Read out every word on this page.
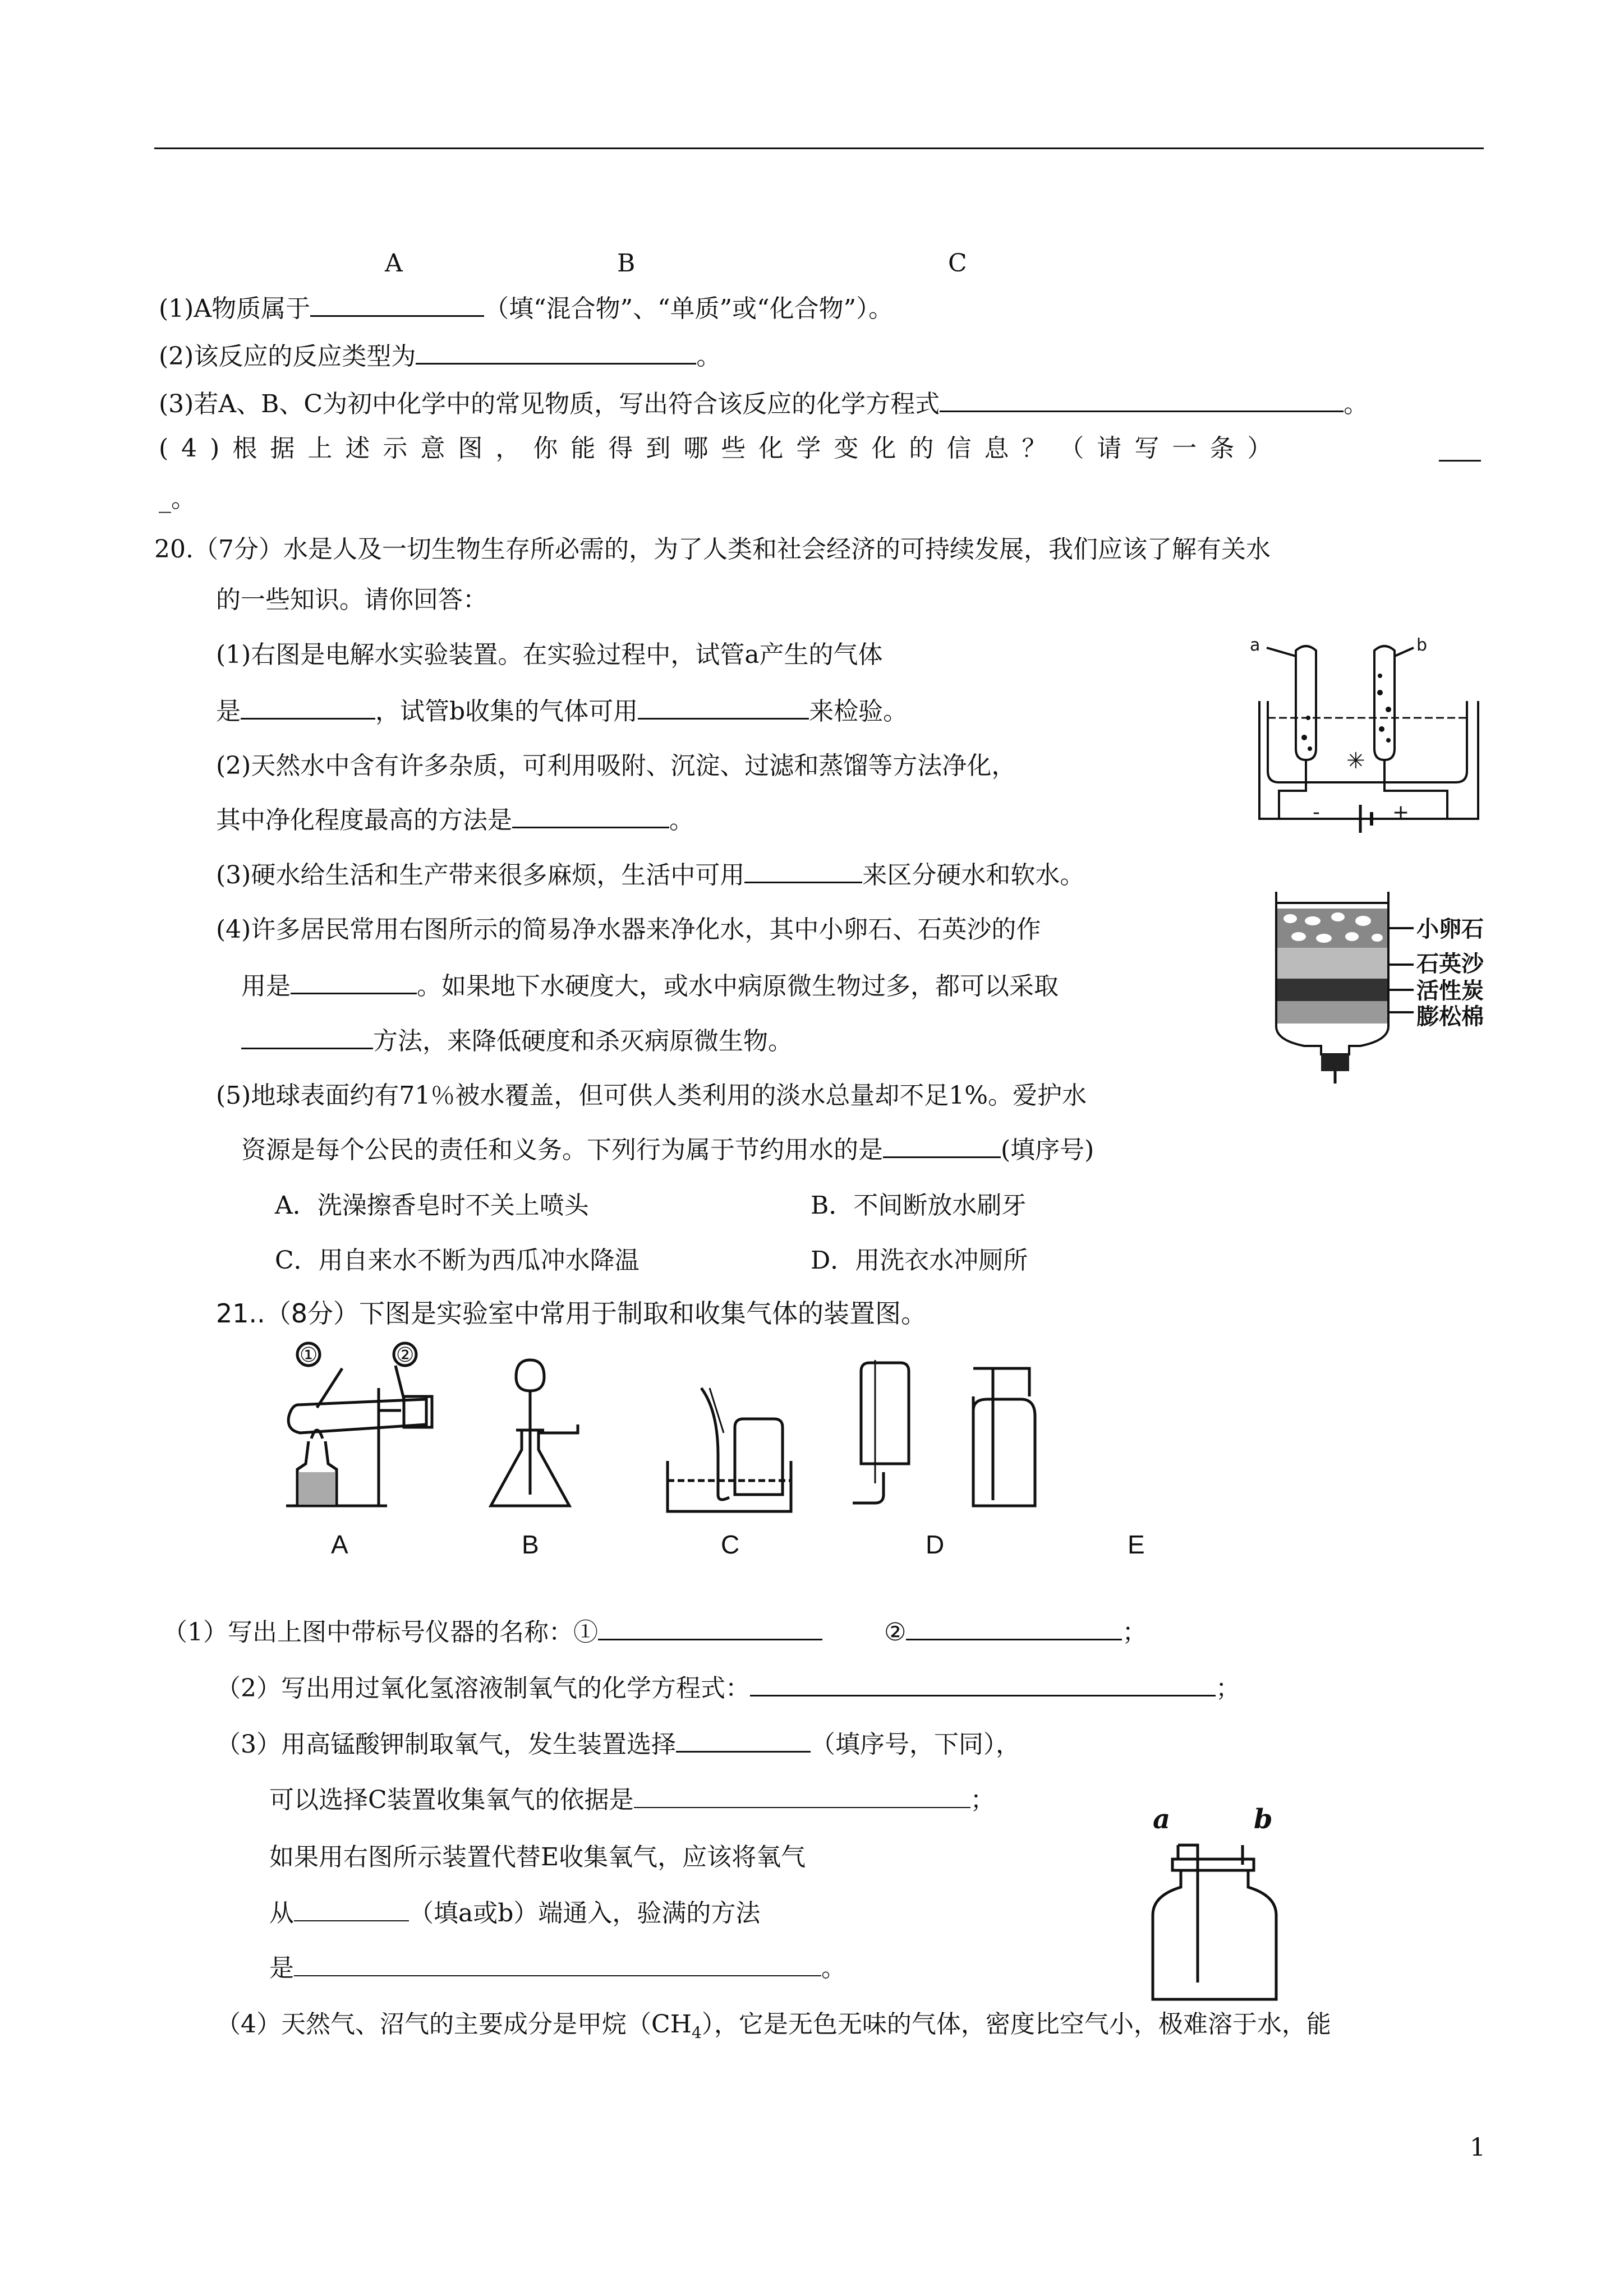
A	B	C
(1)A物质属于	（填“混合物”、“单质”或“化合物”）。
(2)该反应的反应类型为	。
(3)若A、B、C为初中化学中的常见物质，写出符合该反应的化学方程式	。
(4)根据上述示意图，你能得到哪些化学变化的信息？（请写一条）
_。
20.（7分）水是人及一切生物生存所必需的，为了人类和社会经济的可持续发展，我们应该了解有关水
的一些知识。请你回答：
(1)右图是电解水实验装置。在实验过程中，试管a产生的气体
是	，试管b收集的气体可用	来检验。
(2)天然水中含有许多杂质，可利用吸附、沉淀、过滤和蒸馏等方法净化，
其中净化程度最高的方法是	。
(3)硬水给生活和生产带来很多麻烦，生活中可用	来区分硬水和软水。
(4)许多居民常用右图所示的简易净水器来净化水，其中小卵石、石英沙的作
用是	。如果地下水硬度大，或水中病原微生物过多，都可以采取
方法，来降低硬度和杀灭病原微生物。
(5)地球表面约有71％被水覆盖，但可供人类利用的淡水总量却不足1%。爱护水
资源是每个公民的责任和义务。下列行为属于节约用水的是	(填序号)
A．洗澡擦香皂时不关上喷头	B．不间断放水刷牙
C．用自来水不断为西瓜冲水降温	D．用洗衣水冲厕所
✳
a	b
-	+
小卵石
石英沙
活性炭
膨松棉
21..（8分）下图是实验室中常用于制取和收集气体的装置图。
①	②
A	B	C	D	E
（1）写出上图中带标号仪器的名称：①	②	；
（2）写出用过氧化氢溶液制氧气的化学方程式：	；
（3）用高锰酸钾制取氧气，发生装置选择	（填序号，下同），
可以选择C装置收集氧气的依据是	；
如果用右图所示装置代替E收集氧气，应该将氧气
从	（填a或b）端通入，验满的方法
是	。
a	b
（4）天然气、沼气的主要成分是甲烷$(CH_4)$，它是无色无味的气体，密度比空气小，极难溶于水，能
1
